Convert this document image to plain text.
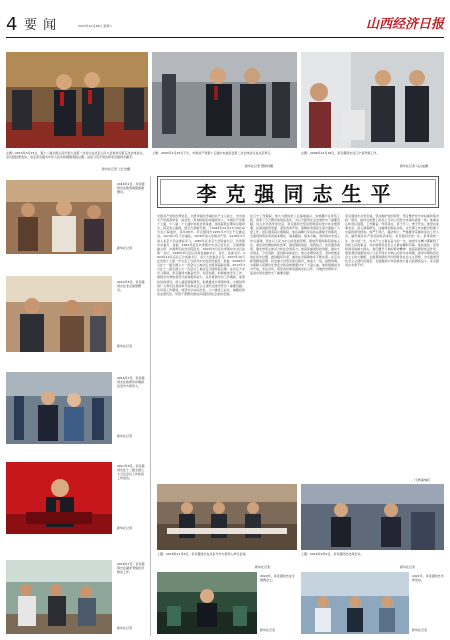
4 要 闻	2023年10月28日 星期六	山西经济日报
左图：2013年3月15日，第十二届全国人民代表大会第一次会议在北京人民大会堂举行第五次全体会议。会议经投票表决，决定李克强为中华人民共和国国务院总理。这是习近平同志和李克强同志握手。
新华社记者 兰红光摄
上图：2003年1月25日下午，中国共产党第十五届中央委员会第二次全体会议在北京举行。
新华社记者 樊如钧摄
左图：2006年12月16日，李克强同志在辽宁省考察工作。
新华社记者 马占成摄
李克强同志生平
2016年1月，李克强同志在陕西看望困难群众。
新华社记者
2012年5月，李克强同志在北京看望群众。
新华社记者
2015年7月，李克强同志在欧洲访问期间会见外方领导人。
新华社记者
2017年3月，李克强同志在十二届全国人大五次会议上作政府工作报告。
新华社记者
2016年7月，李克强同志在湖北考察抗洪救灾工作。
新华社记者
中国共产党的优秀党员，久经考验的忠诚的共产主义战士，杰出的无产阶级革命家、政治家，党和国家的卓越领导人，中国共产党第十七届、十八届、十九届中央政治局常委，国务院原总理李克强同志，因突发心脏病，经全力抢救无效，于2023年10月27日0时10分在上海逝世，享年68岁。李克强同志1955年7月生于安徽定远。1974年3月下乡插队。1976年加入中国共产党。1978年3月进入北京大学法律系学习。1982年任北京大学团委书记，共青团中央委员、常委。1983年后任共青团中央书记处书记、全国青联副主席、中国青年政治学院院长。1993年5月任共青团中央书记处第一书记。1998年6月后任河南省委副书记、省长、省委书记。2004年12月后任辽宁省委书记、省人大常委会主任。2007年10月在党的十七届一中全会上当选为中央政治局委员、常委。2008年3月在十一届全国人大一次会议上被决定为国务院副总理。2013年3月在十二届全国人大一次会议上被决定为国务院总理。在北京大学学习期间，李克强同志勤奋好学、刻苦钻研，积极参加学生工作，展现出优秀的领导才能和组织能力。在共青团中央工作期间，他坚持党的领导，深入基层调查研究，积极推进共青团改革，为团结带领广大青年投身改革开放和社会主义现代化建设作出了重要贡献。在河南工作期间，他坚持从实际出发，大力推进工业化、城镇化和农业现代化，带领干部群众推动河南经济社会加快发展。
在辽宁工作期间，他大力推进老工业基地振兴，实施棚户区改造工程，改善了百万群众的居住条件，为辽宁经济社会发展作出了重要贡献。进入中央领导岗位后，李克强同志坚决贯彻落实党中央决策部署，在推进经济发展、深化改革开放、保障和改善民生等方面做了大量工作。担任国务院总理期间，他认真履行宪法和法律赋予的职责，全面贯彻落实党的基本理论、基本路线、基本方略，坚持稳中求进工作总基调，坚持以人民为中心的发展思想，团结带领国务院组成人员，深化供给侧结构性改革，推进简政放权、放管结合、优化服务改革，激发市场主体活力和社会创造力。他高度重视科技创新，推动大众创业、万众创新，促进新动能成长。他心系群众疾苦，坚持把就业放在优先位置，推进脱贫攻坚，推动社会保障体系不断完善。在应对新冠肺炎疫情、抗击重大自然灾害过程中，他深入一线，指挥协调，为保障人民群众生命安全和身体健康付出了大量心血。他积极推动对外开放，多次出访，深化同世界各国的友好合作，为维护世界和平、促进共同发展作出了重要贡献。
李克强同志对党忠诚，坚决拥护党的领导，坚定维护党中央权威和集中统一领导，始终在思想上政治上行动上同党中央保持高度一致。他事业心和责任感强，工作勤奋，作风务实，善于学习，勇于开拓。他坚持实事求是，深入调查研究，注重理论联系实际，在长期工作实践中积累了丰富的领导经验。他严于律己，廉洁奉公，严格要求亲属和身边工作人员，始终保持共产党员的政治本色。李克强同志的一生，是革命的一生、战斗的一生、为共产主义事业奋斗的一生。他把毕生精力都献给了党和人民的事业，为中国特色社会主义事业鞠躬尽瘁。他的逝世，是党和国家的重大损失。我们要学习他的革命精神、崇高品德和优良作风，更加紧密地团结在以习近平同志为核心的党中央周围，高举中国特色社会主义伟大旗帜，全面贯彻新时代中国特色社会主义思想，为全面建设社会主义现代化国家、全面推进中华民族伟大复兴而团结奋斗。李克强同志永垂不朽！
（下转第5版）
上图：2018年11月6日，李克强同志在北京与外方领导人举行会谈。
新华社记者
上图：2016年9月9日，李克强同志出席会议。
新华社记者
2020年，李克强同志在全国两会上。
新华社记者
2021年，李克强同志出席活动。
新华社记者
